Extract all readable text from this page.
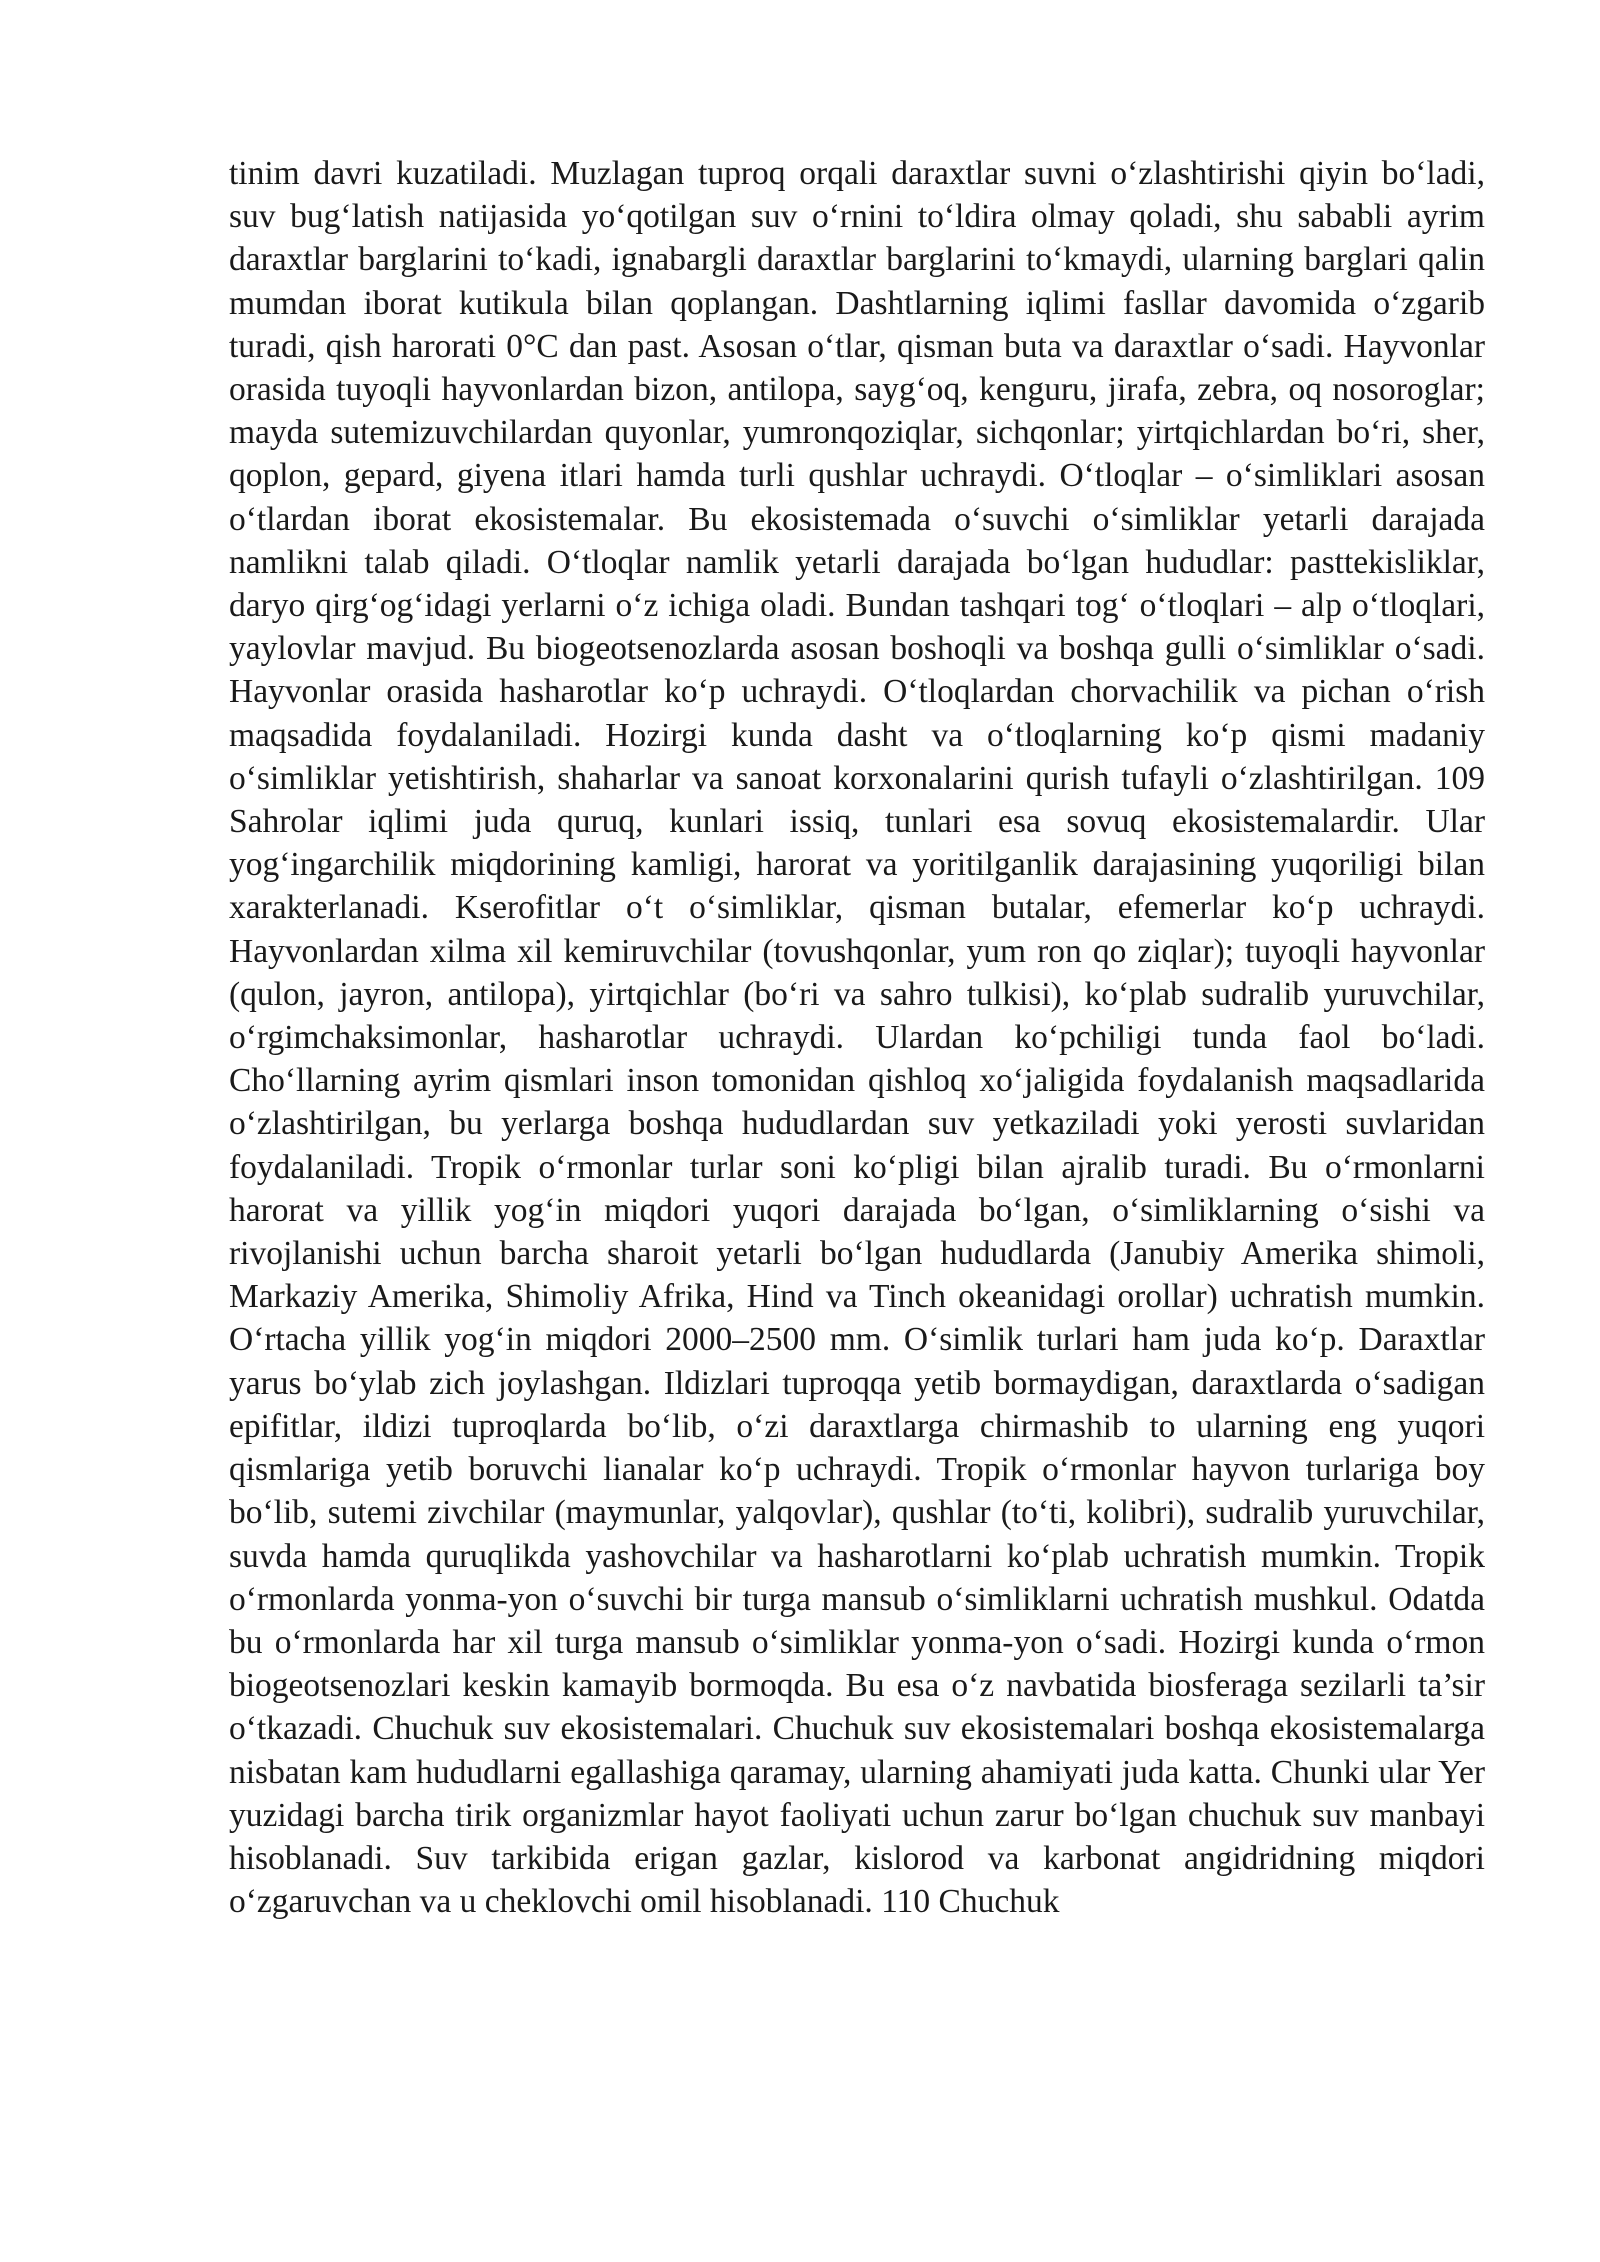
tinim davri kuzatiladi. Muzlagan tuproq orqali daraxtlar suvni o‘zlashtirishi qiyin bo‘ladi, suv bug‘latish natijasida yo‘qotilgan suv o‘rnini to‘ldira olmay qoladi, shu sababli ayrim daraxtlar barglarini to‘kadi, ignabargli daraxtlar barglarini to‘kmaydi, ularning barglari qalin mumdan iborat kutikula bilan qoplangan. Dashtlarning iqlimi fasllar davomida o‘zgarib turadi, qish harorati 0°C dan past. Asosan o‘tlar, qisman buta va daraxtlar o‘sadi. Hayvonlar orasida tuyoqli hayvonlardan bizon, antilopa, sayg‘oq, kenguru, jirafa, zebra, oq nosoroglar; mayda sutemizuvchilardan quyonlar, yumronqoziqlar, sichqonlar; yirtqichlardan bo‘ri, sher, qoplon, gepard, giyena itlari hamda turli qushlar uchraydi. O‘tloqlar – o‘simliklari asosan o‘tlardan iborat ekosistemalar. Bu ekosistemada o‘suvchi o‘simliklar yetarli darajada namlikni talab qiladi. O‘tloqlar namlik yetarli darajada bo‘lgan hududlar: pasttekisliklar, daryo qirg‘og‘idagi yerlarni o‘z ichiga oladi. Bundan tashqari tog‘ o‘tloqlari – alp o‘tloqlari, yaylovlar mavjud. Bu biogeotsenozlarda asosan boshoqli va boshqa gulli o‘simliklar o‘sadi. Hayvonlar orasida hasharotlar ko‘p uchraydi. O‘tloqlardan chorvachilik va pichan o‘rish maqsadida foydalaniladi. Hozirgi kunda dasht va o‘tloqlarning ko‘p qismi madaniy o‘simliklar yetishtirish, shaharlar va sanoat korxonalarini qurish tufayli o‘zlashtirilgan. 109 Sahrolar iqlimi juda quruq, kunlari issiq, tunlari esa sovuq ekosistemalardir. Ular yog‘ingarchilik miqdorining kamligi, harorat va yoritilganlik darajasining yuqoriligi bilan xarakterlanadi. Kserofitlar o‘t o‘simliklar, qisman butalar, efemerlar ko‘p uchraydi. Hayvonlardan xilma xil kemiruvchilar (tovushqonlar, yum ron qo ziqlar); tuyoqli hayvonlar (qulon, jayron, antilopa), yirtqichlar (bo‘ri va sahro tulkisi), ko‘plab sudralib yuruvchilar, o‘rgimchaksimonlar, hasharotlar uchraydi. Ulardan ko‘pchiligi tunda faol bo‘ladi. Cho‘llarning ayrim qismlari inson tomonidan qishloq xo‘jaligida foydalanish maqsadlarida o‘zlashtirilgan, bu yerlarga boshqa hududlardan suv yetkaziladi yoki yerosti suvlaridan foydalaniladi. Tropik o‘rmonlar turlar soni ko‘pligi bilan ajralib turadi. Bu o‘rmonlarni harorat va yillik yog‘in miqdori yuqori darajada bo‘lgan, o‘simliklarning o‘sishi va rivojlanishi uchun barcha sharoit yetarli bo‘lgan hududlarda (Janubiy Amerika shimoli, Markaziy Amerika, Shimoliy Afrika, Hind va Tinch okeanidagi orollar) uchratish mumkin. O‘rtacha yillik yog‘in miqdori 2000–2500 mm. O‘simlik turlari ham juda ko‘p. Daraxtlar yarus bo‘ylab zich joylashgan. Ildizlari tuproqqa yetib bormaydigan, daraxtlarda o‘sadigan epifitlar, ildizi tuproqlarda bo‘lib, o‘zi daraxtlarga chirmashib to ularning eng yuqori qismlariga yetib boruvchi lianalar ko‘p uchraydi. Tropik o‘rmonlar hayvon turlariga boy bo‘lib, sutemi zivchilar (maymunlar, yalqovlar), qushlar (to‘ti, kolibri), sudralib yuruvchilar, suvda hamda quruqlikda yashovchilar va hasharotlarni ko‘plab uchratish mumkin. Tropik o‘rmonlarda yonma-yon o‘suvchi bir turga mansub o‘simliklarni uchratish mushkul. Odatda bu o‘rmonlarda har xil turga mansub o‘simliklar yonma-yon o‘sadi. Hozirgi kunda o‘rmon biogeotsenozlari keskin kamayib bormoqda. Bu esa o‘z navbatida biosferaga sezilarli ta’sir o‘tkazadi. Chuchuk suv ekosistemalari. Chuchuk suv ekosistemalari boshqa ekosistemalarga nisbatan kam hududlarni egallashiga qaramay, ularning ahamiyati juda katta. Chunki ular Yer yuzidagi barcha tirik organizmlar hayot faoliyati uchun zarur bo‘lgan chuchuk suv manbayi hisoblanadi. Suv tarkibida erigan gazlar, kislorod va karbonat angidridning miqdori o‘zgaruvchan va u cheklovchi omil hisoblanadi. 110 Chuchuk
